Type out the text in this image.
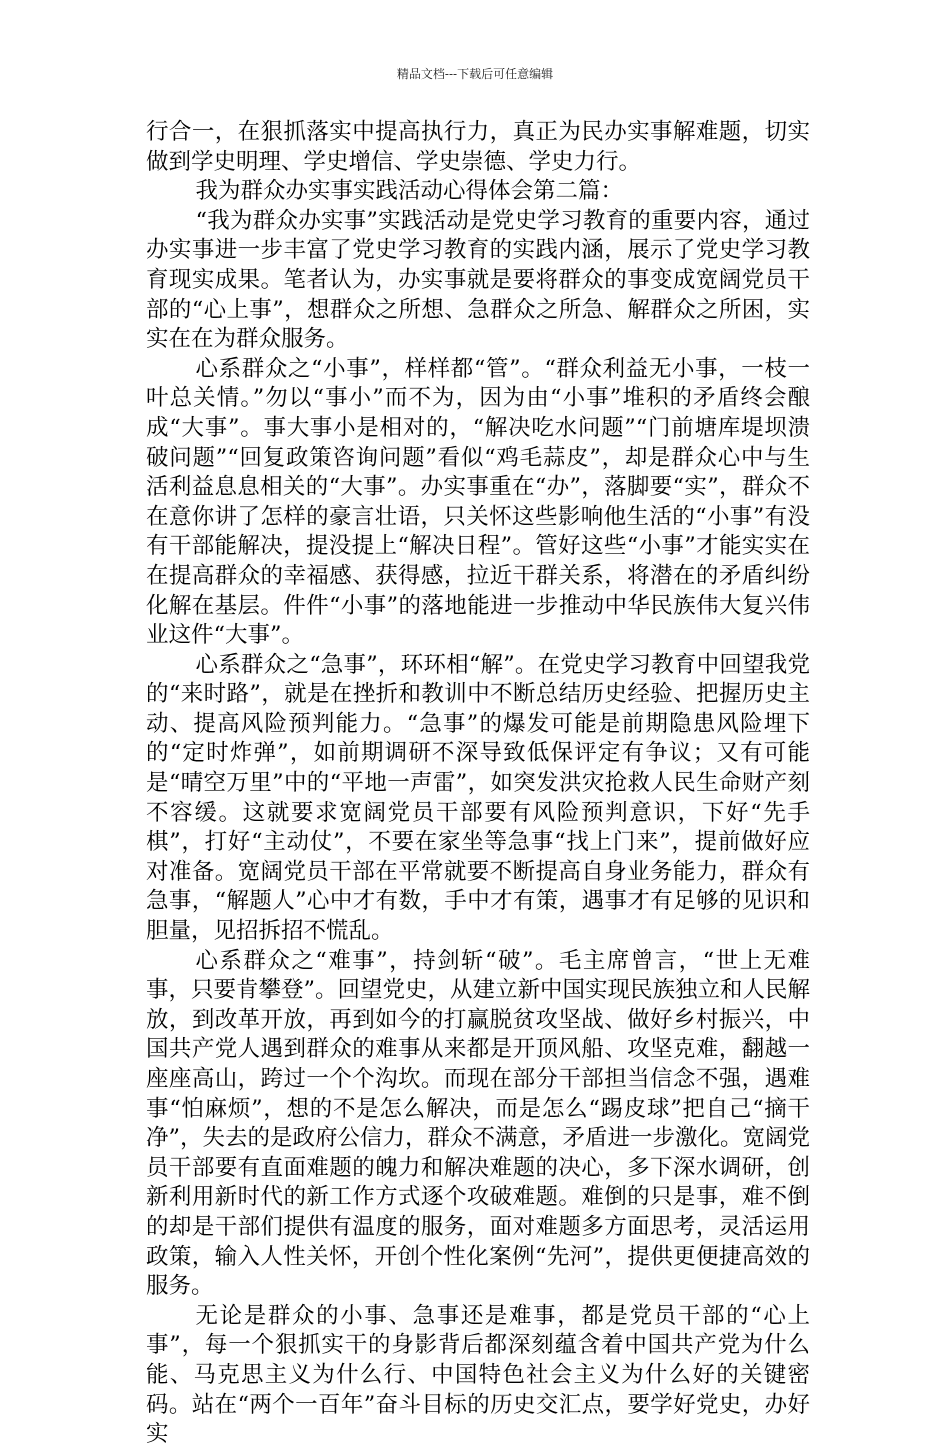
精品文档---下载后可任意编辑

行合一，在狠抓落实中提高执行力，真正为民办实事解难题，切实做到学史明理、学史增信、学史崇德、学史力行。

我为群众办实事实践活动心得体会第二篇：

“我为群众办实事”实践活动是党史学习教育的重要内容，通过办实事进一步丰富了党史学习教育的实践内涵，展示了党史学习教育现实成果。笔者认为，办实事就是要将群众的事变成宽阔党员干部的“心上事”，想群众之所想、急群众之所急、解群众之所困，实实在在为群众服务。

心系群众之“小事”，样样都“管”。“群众利益无小事，一枝一叶总关情。”勿以“事小”而不为，因为由“小事”堆积的矛盾终会酿成“大事”。事大事小是相对的，“解决吃水问题”“门前塘库堤坝溃破问题”“回复政策咨询问题”看似“鸡毛蒜皮”，却是群众心中与生活利益息息相关的“大事”。办实事重在“办”，落脚要“实”，群众不在意你讲了怎样的豪言壮语，只关怀这些影响他生活的“小事”有没有干部能解决，提没提上“解决日程”。管好这些“小事”才能实实在在提高群众的幸福感、获得感，拉近干群关系，将潜在的矛盾纠纷化解在基层。件件“小事”的落地能进一步推动中华民族伟大复兴伟业这件“大事”。

心系群众之“急事”，环环相“解”。在党史学习教育中回望我党的“来时路”，就是在挫折和教训中不断总结历史经验、把握历史主动、提高风险预判能力。“急事”的爆发可能是前期隐患风险埋下的“定时炸弹”，如前期调研不深导致低保评定有争议；又有可能是“晴空万里”中的“平地一声雷”，如突发洪灾抢救人民生命财产刻不容缓。这就要求宽阔党员干部要有风险预判意识，下好“先手棋”，打好“主动仗”，不要在家坐等急事“找上门来”，提前做好应对准备。宽阔党员干部在平常就要不断提高自身业务能力，群众有急事，“解题人”心中才有数，手中才有策，遇事才有足够的见识和胆量，见招拆招不慌乱。

心系群众之“难事”，持剑斩“破”。毛主席曾言，“世上无难事，只要肯攀登”。回望党史，从建立新中国实现民族独立和人民解放，到改革开放，再到如今的打赢脱贫攻坚战、做好乡村振兴，中国共产党人遇到群众的难事从来都是开顶风船、攻坚克难，翻越一座座高山，跨过一个个沟坎。而现在部分干部担当信念不强，遇难事“怕麻烦”，想的不是怎么解决，而是怎么“踢皮球”把自己“摘干净”，失去的是政府公信力，群众不满意，矛盾进一步激化。宽阔党员干部要有直面难题的魄力和解决难题的决心，多下深水调研，创新利用新时代的新工作方式逐个攻破难题。难倒的只是事，难不倒的却是干部们提供有温度的服务，面对难题多方面思考，灵活运用政策，输入人性关怀，开创个性化案例“先河”，提供更便捷高效的服务。

无论是群众的小事、急事还是难事，都是党员干部的“心上事”，每一个狠抓实干的身影背后都深刻蕴含着中国共产党为什么能、马克思主义为什么行、中国特色社会主义为什么好的关键密码。站在“两个一百年”奋斗目标的历史交汇点，要学好党史，办好实
